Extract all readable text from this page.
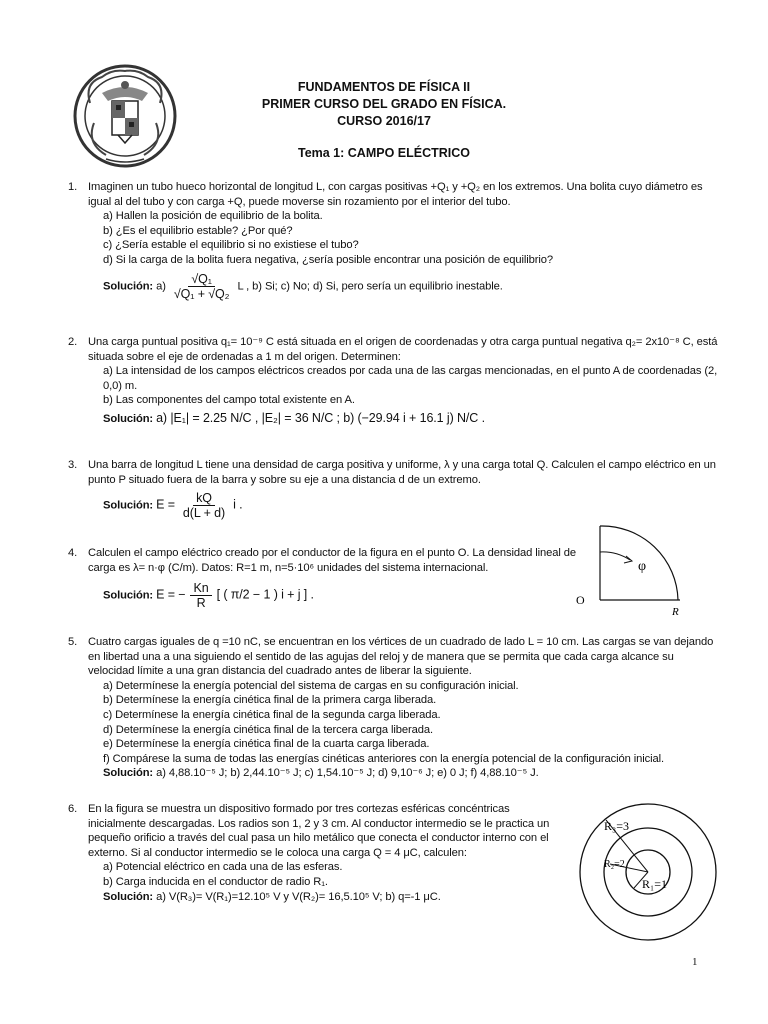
FUNDAMENTOS DE FÍSICA II
PRIMER CURSO DEL GRADO EN FÍSICA.
CURSO 2016/17
Tema 1: CAMPO ELÉCTRICO
1. Imaginen un tubo hueco horizontal de longitud L, con cargas positivas +Q₁ y +Q₂ en los extremos. Una bolita cuyo diámetro es igual al del tubo y con carga +Q, puede moverse sin rozamiento por el interior del tubo.
a) Hallen la posición de equilibrio de la bolita.
b) ¿Es el equilibrio estable? ¿Por qué?
c) ¿Sería estable el equilibrio si no existiese el tubo?
d) Si la carga de la bolita fuera negativa, ¿sería posible encontrar una posición de equilibrio?
Solución: $a) \frac{\text{√Q₁}}{\text{√Q₁ + √Q₂}}$ L , b) Si; c) No; d) Si, pero sería un equilibrio inestable.
2. Una carga puntual positiva q₁= 10⁻⁹ C está situada en el origen de coordenadas y otra carga puntual negativa q₂= 2x10⁻⁸ C, está situada sobre el eje de ordenadas a 1 m del origen. Determinen:
a) La intensidad de los campos eléctricos creados por cada una de las cargas mencionadas, en el punto A de coordenadas (2, 0,0) m.
b) Las componentes del campo total existente en A.
Solución: a) |E₁| = 2.25 N/C , |E₂| = 36 N/C ; b) (−29.94 i + 16.1 j) N/C .
3. Una barra de longitud L tiene una densidad de carga positiva y uniforme, λ y una carga total Q. Calculen el campo eléctrico en un punto P situado fuera de la barra y sobre su eje a una distancia d de un extremo.
Solución: $E = \frac{kQ}{d(L + d)}$ i .
4. Calculen el campo eléctrico creado por el conductor de la figura en el punto O. La densidad lineal de carga es λ= n·φ (C/m). Datos: R=1 m, n=5·10⁶ unidades del sistema internacional.
Solución: E = − $\frac{Kn}{R}$ [ ( π/2 − 1 ) i + j ] .
φ
O
R
5. Cuatro cargas iguales de q =10 nC, se encuentran en los vértices de un cuadrado de lado L = 10 cm. Las cargas se van dejando en libertad una a una siguiendo el sentido de las agujas del reloj y de manera que se permita que cada carga alcance su velocidad límite a una gran distancia del cuadrado antes de liberar la siguiente.
a) Determínese la energía potencial del sistema de cargas en su configuración inicial.
b) Determínese la energía cinética final de la primera carga liberada.
c) Determínese la energía cinética final de la segunda carga liberada.
d) Determínese la energía cinética final de la tercera carga liberada.
e) Determínese la energía cinética final de la cuarta carga liberada.
f) Compárese la suma de todas las energías cinéticas anteriores con la energía potencial de la configuración inicial.
Solución: a) 4,88.10⁻⁵ J; b) 2,44.10⁻⁵ J; c) 1,54.10⁻⁵ J; d) 9,10⁻⁶ J; e) 0 J; f) 4,88.10⁻⁵ J.
6. En la figura se muestra un dispositivo formado por tres cortezas esféricas concéntricas inicialmente descargadas. Los radios son 1, 2 y 3 cm. Al conductor intermedio se le practica un pequeño orificio a través del cual pasa un hilo metálico que conecta el conductor interno con el externo. Si al conductor intermedio se le coloca una carga Q = 4 μC, calculen:
a) Potencial eléctrico en cada una de las esferas.
b) Carga inducida en el conductor de radio R₁.
Solución: a) V(R₃)= V(R₁)=12.10⁵ V y V(R₂)= 16,5.10⁵ V; b) q=-1 μC.
R₃=3
R₂=2
R₁=1
1
